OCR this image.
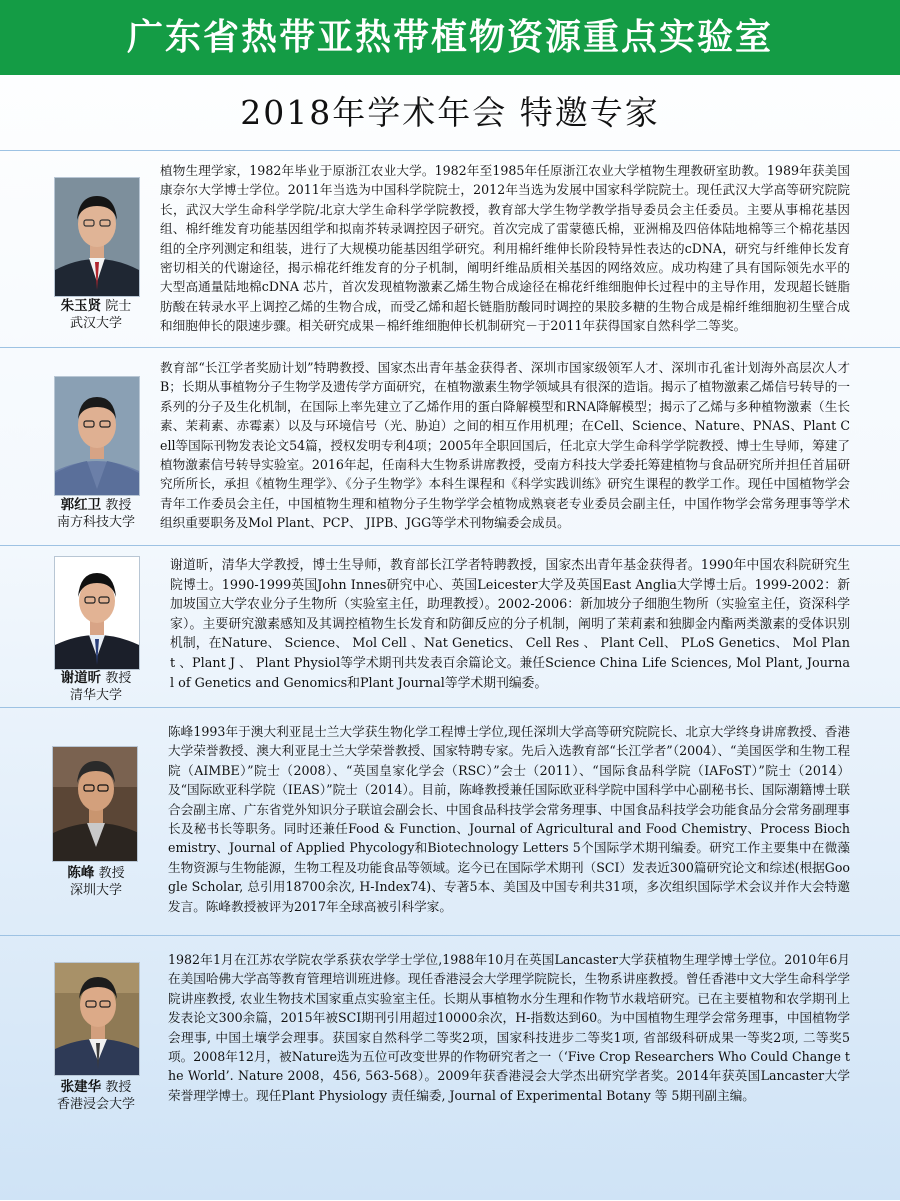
广东省热带亚热带植物资源重点实验室
2018年学术年会 特邀专家
朱玉贤 院士
武汉大学

植物生理学家，1982年毕业于原浙江农业大学。1982年至1985年任原浙江农业大学植物生理教研室助教。1989年获美国康奈尔大学博士学位。2011年当选为中国科学院院士，2012年当选为发展中国家科学院院士。现任武汉大学高等研究院院长，武汉大学生命科学学院/北京大学生命科学学院教授，教育部大学生物学教学指导委员会主任委员。主要从事棉花基因组、棉纤维发育功能基因组学和拟南芥转录调控因子研究。首次完成了雷蒙德氏棉，亚洲棉及四倍体陆地棉等三个棉花基因组的全序列测定和组装，进行了大规模功能基因组学研究。利用棉纤维伸长阶段特异性表达的cDNA，研究与纤维伸长发育密切相关的代谢途径，揭示棉花纤维发育的分子机制，阐明纤维品质相关基因的网络效应。成功构建了具有国际领先水平的大型高通量陆地棉cDNA 芯片，首次发现植物激素乙烯生物合成途径在棉花纤维细胞伸长过程中的主导作用，发现超长链脂肪酸在转录水平上调控乙烯的生物合成，而受乙烯和超长链脂肪酸同时调控的果胶多糖的生物合成是棉纤维细胞初生壁合成和细胞伸长的限速步骤。相关研究成果－棉纤维细胞伸长机制研究－于2011年获得国家自然科学二等奖。

郭红卫 教授
南方科技大学

教育部“长江学者奖励计划”特聘教授、国家杰出青年基金获得者、深圳市国家级领军人才、深圳市孔雀计划海外高层次人才B；长期从事植物分子生物学及遗传学方面研究，在植物激素生物学领域具有很深的造诣。揭示了植物激素乙烯信号转导的一系列的分子及生化机制，在国际上率先建立了乙烯作用的蛋白降解模型和RNA降解模型；揭示了乙烯与多种植物激素（生长素、茉莉素、赤霉素）以及与环境信号（光、胁迫）之间的相互作用机理；在Cell、Science、Nature、PNAS、Plant Cell等国际刊物发表论文54篇，授权发明专利4项；2005年全职回国后，任北京大学生命科学学院教授、博士生导师，筹建了植物激素信号转导实验室。2016年起，任南科大生物系讲席教授，受南方科技大学委托筹建植物与食品研究所并担任首届研究所所长，承担《植物生理学》、《分子生物学》本科生课程和《科学实践训练》研究生课程的教学工作。现任中国植物学会青年工作委员会主任，中国植物生理和植物分子生物学学会植物成熟衰老专业委员会副主任，中国作物学会常务理事等学术组织重要职务及Mol Plant、PCP、 JIPB、JGG等学术刊物编委会成员。

谢道昕 教授
清华大学

谢道昕，清华大学教授，博士生导师，教育部长江学者特聘教授，国家杰出青年基金获得者。1990年中国农科院研究生院博士。1990-1999英国John Innes研究中心、英国Leicester大学及英国East Anglia大学博士后。1999-2002：新加坡国立大学农业分子生物所（实验室主任，助理教授）。2002-2006：新加坡分子细胞生物所（实验室主任，资深科学家）。主要研究激素感知及其调控植物生长发育和防御反应的分子机制，阐明了茉莉素和独脚金内酯两类激素的受体识别机制，在Nature、 Science、 Mol Cell 、Nat Genetics、 Cell Res 、 Plant Cell、 PLoS Genetics、 Mol Plant 、Plant J 、 Plant Physiol等学术期刊共发表百余篇论文。兼任Science China Life Sciences, Mol Plant, Journal of Genetics and Genomics和Plant Journal等学术期刊编委。

陈峰 教授
深圳大学

陈峰1993年于澳大利亚昆士兰大学获生物化学工程博士学位,现任深圳大学高等研究院院长、北京大学终身讲席教授、香港大学荣誉教授、澳大利亚昆士兰大学荣誉教授、国家特聘专家。先后入选教育部“长江学者”（2004）、“美国医学和生物工程院（AIMBE）”院士（2008）、“英国皇家化学会（RSC）”会士（2011）、“国际食品科学院（IAFoST）”院士（2014）及“国际欧亚科学院（IEAS）”院士（2014）。目前，陈峰教授兼任国际欧亚科学院中国科学中心副秘书长、国际潮籍博士联合会副主席、广东省党外知识分子联谊会副会长、中国食品科技学会常务理事、中国食品科技学会功能食品分会常务副理事长及秘书长等职务。同时还兼任Food & Function、Journal of Agricultural and Food Chemistry、Process Biochemistry、Journal of Applied Phycology和Biotechnology Letters 5个国际学术期刊编委。研究工作主要集中在微藻生物资源与生物能源，生物工程及功能食品等领域。迄今已在国际学术期刊（SCI）发表近300篇研究论文和综述(根据Google Scholar, 总引用18700余次, H-Index74)、专著5本、美国及中国专利共31项，多次组织国际学术会议并作大会特邀发言。陈峰教授被评为2017年全球高被引科学家。

张建华 教授
香港浸会大学

1982年1月在江苏农学院农学系获农学学士学位,1988年10月在英国Lancaster大学获植物生理学博士学位。2010年6月在美国哈佛大学高等教育管理培训班进修。现任香港浸会大学理学院院长，生物系讲座教授。曾任香港中文大学生命科学学院讲座教授, 农业生物技术国家重点实验室主任。长期从事植物水分生理和作物节水栽培研究。已在主要植物和农学期刊上发表论文300余篇，2015年被SCI期刊引用超过10000余次，H-指数达到60。为中国植物生理学会常务理事，中国植物学会理事, 中国土壤学会理事。获国家自然科学二等奖2项，国家科技进步二等奖1项, 省部级科研成果一等奖2项, 二等奖5项。2008年12月，被Nature选为五位可改变世界的作物研究者之一（‘Five Crop Researchers Who Could Change the World’. Nature 2008，456, 563-568）。2009年获香港浸会大学杰出研究学者奖。2014年获英国Lancaster大学荣誉理学博士。现任Plant Physiology 责任编委, Journal of Experimental Botany 等 5期刊副主编。
